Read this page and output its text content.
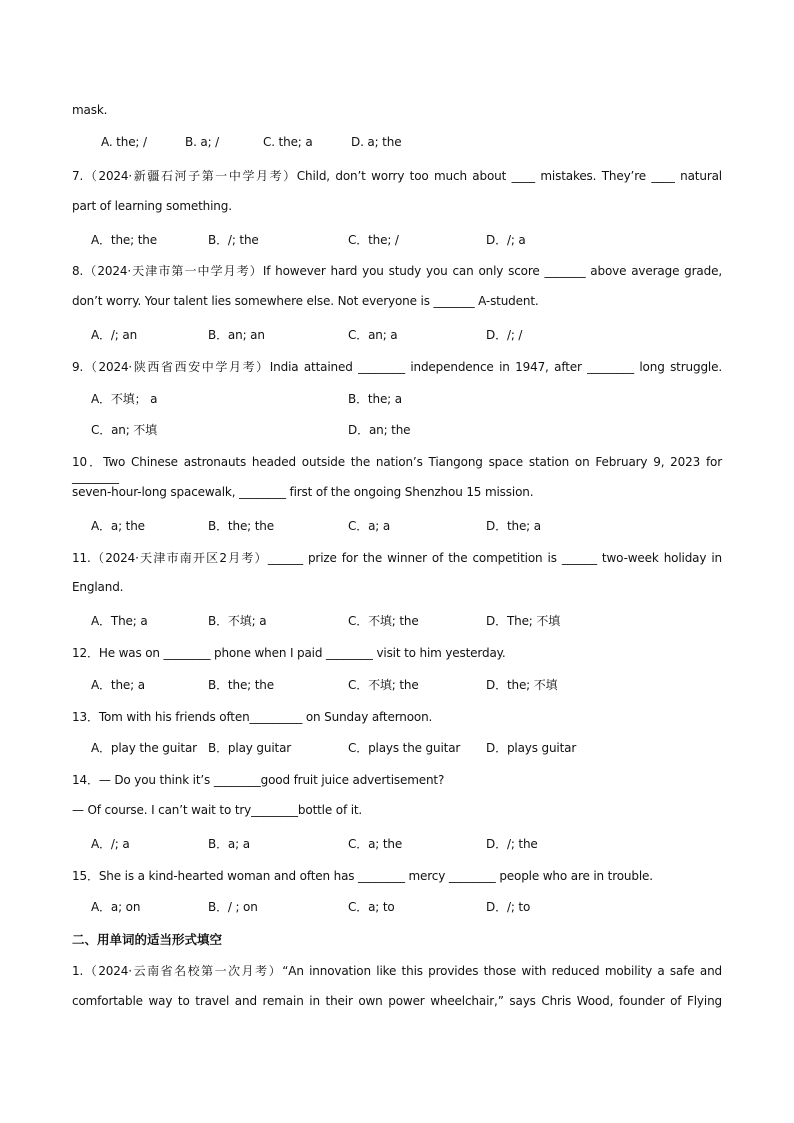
mask.
A. the; /	B. a; /	C. the; a	D. a; the
7.（2024·新疆石河子第一中学月考）Child, don’t worry too much about ____ mistakes. They’re ____ natural
part of learning something.
A．the; the	B．/; the	C．the; /	D．/; a
8.（2024·天津市第一中学月考）If however hard you study you can only score _______ above average grade,
don’t worry. Your talent lies somewhere else. Not everyone is _______ A-student.
A．/; an	B．an; an	C．an; a	D．/; /
9.（2024·陕西省西安中学月考）India attained ________ independence in 1947, after ________ long struggle.
A．不填； a	B．the; a
C．an; 不填	D．an; the
10．Two Chinese astronauts headed outside the nation’s Tiangong space station on February 9, 2023 for ________
seven-hour-long spacewalk, ________ first of the ongoing Shenzhou 15 mission.
A．a; the	B．the; the	C．a; a	D．the; a
11.（2024·天津市南开区2月考）______ prize for the winner of the competition is ______ two-week holiday in
England.
A．The; a	B．不填; a	C．不填; the	D．The; 不填
12．He was on ________ phone when I paid ________ visit to him yesterday.
A．the; a	B．the; the	C．不填; the	D．the; 不填
13．Tom with his friends often_________ on Sunday afternoon.
A．play the guitar B．play guitar	C．plays the guitar D．plays guitar
14．— Do you think it’s ________good fruit juice advertisement?
— Of course. I can’t wait to try________bottle of it.
A．/; a	B．a; a	C．a; the	D．/; the
15．She is a kind-hearted woman and often has ________ mercy ________ people who are in trouble.
A．a; on	B．/ ; on	C．a; to	D．/; to
二、用单词的适当形式填空
1.（2024·云南省名校第一次月考）“An innovation like this provides those with reduced mobility a safe and
comfortable way to travel and remain in their own power wheelchair,” says Chris Wood, founder of Flying
